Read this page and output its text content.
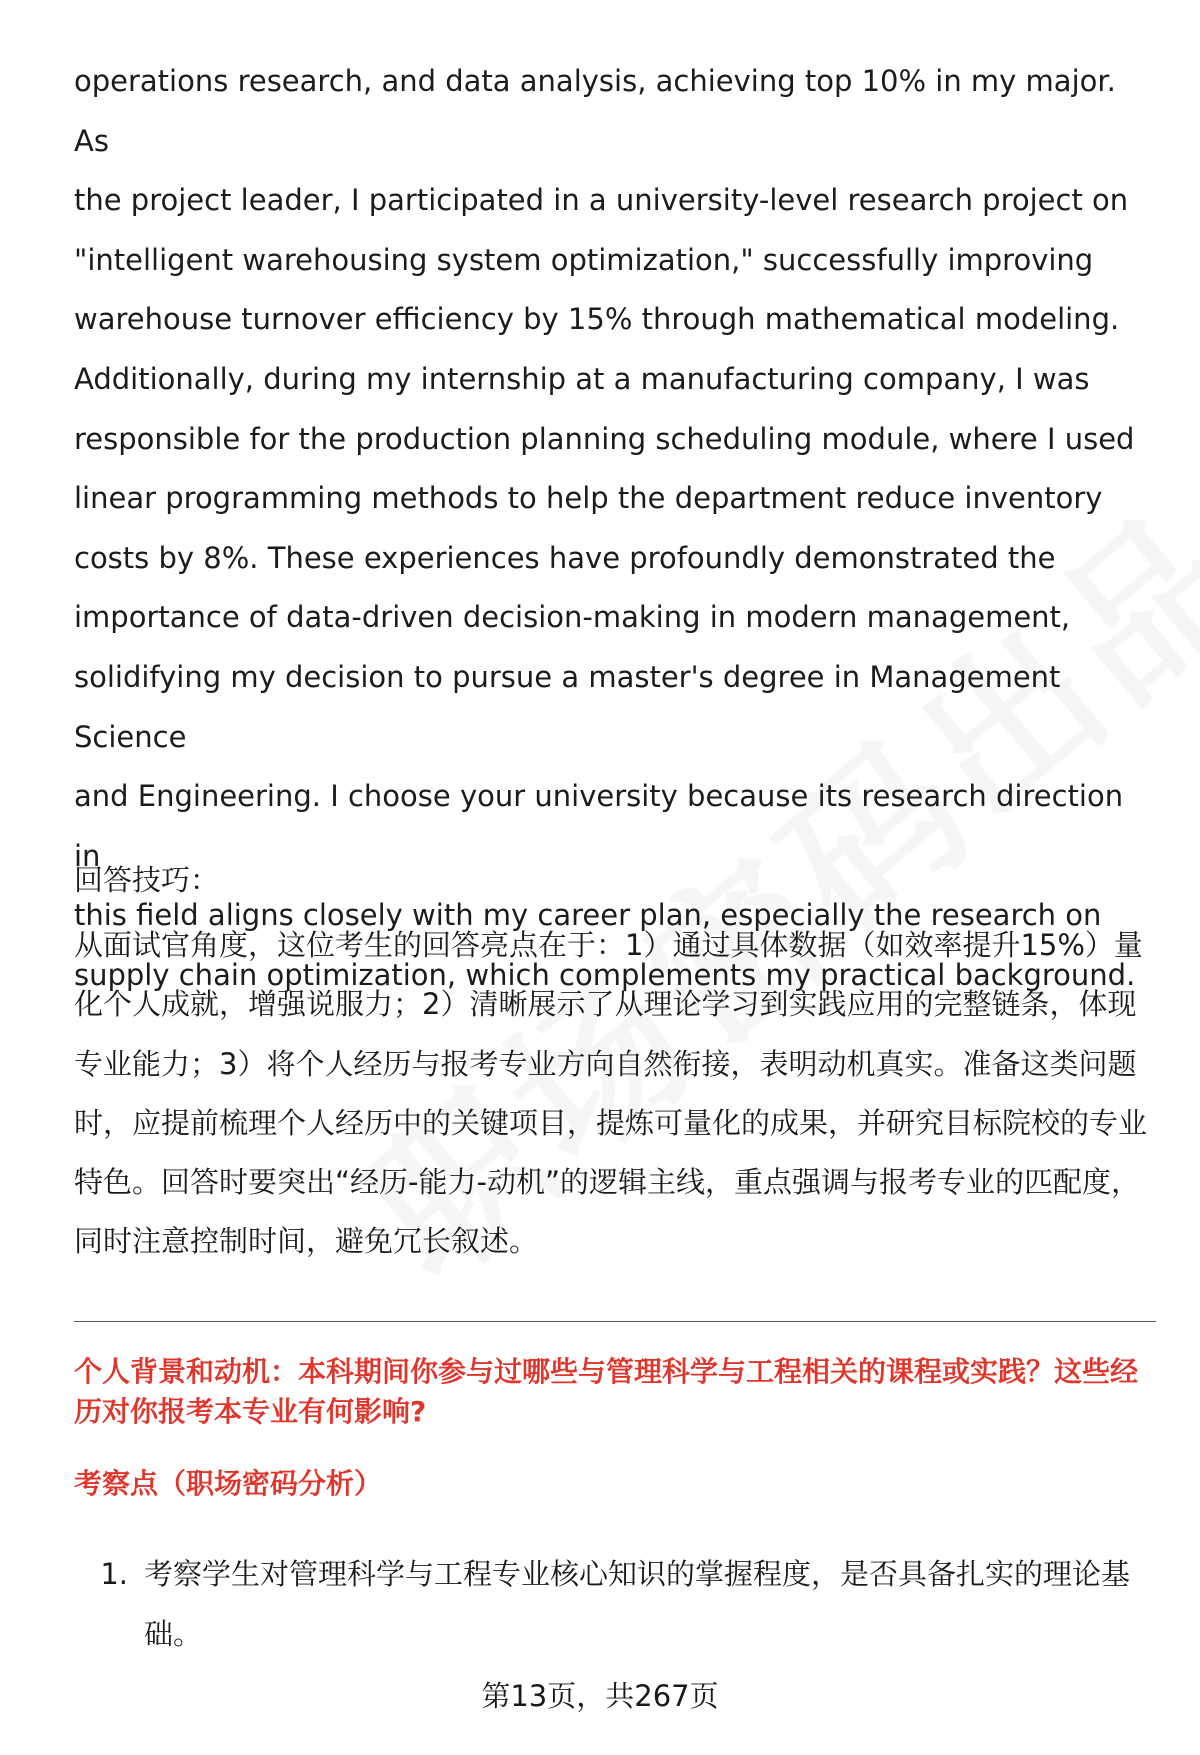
operations research, and data analysis, achieving top 10% in my major. As
the project leader, I participated in a university-level research project on
"intelligent warehousing system optimization," successfully improving
warehouse turnover efficiency by 15% through mathematical modeling.
Additionally, during my internship at a manufacturing company, I was
responsible for the production planning scheduling module, where I used
linear programming methods to help the department reduce inventory
costs by 8%. These experiences have profoundly demonstrated the
importance of data-driven decision-making in modern management,
solidifying my decision to pursue a master's degree in Management Science
and Engineering. I choose your university because its research direction in
this field aligns closely with my career plan, especially the research on
supply chain optimization, which complements my practical background.

回答技巧：

从面试官角度，这位考生的回答亮点在于：1）通过具体数据（如效率提升15%）量化个人成就，增强说服力；2）清晰展示了从理论学习到实践应用的完整链条，体现专业能力；3）将个人经历与报考专业方向自然衔接，表明动机真实。准备这类问题时，应提前梳理个人经历中的关键项目，提炼可量化的成果，并研究目标院校的专业特色。回答时要突出“经历-能力-动机”的逻辑主线，重点强调与报考专业的匹配度，同时注意控制时间，避免冗长叙述。

个人背景和动机：本科期间你参与过哪些与管理科学与工程相关的课程或实践？这些经历对你报考本专业有何影响?

考察点（职场密码分析）
1. 考察学生对管理科学与工程专业核心知识的掌握程度，是否具备扎实的理论基础。
第13页，共267页
